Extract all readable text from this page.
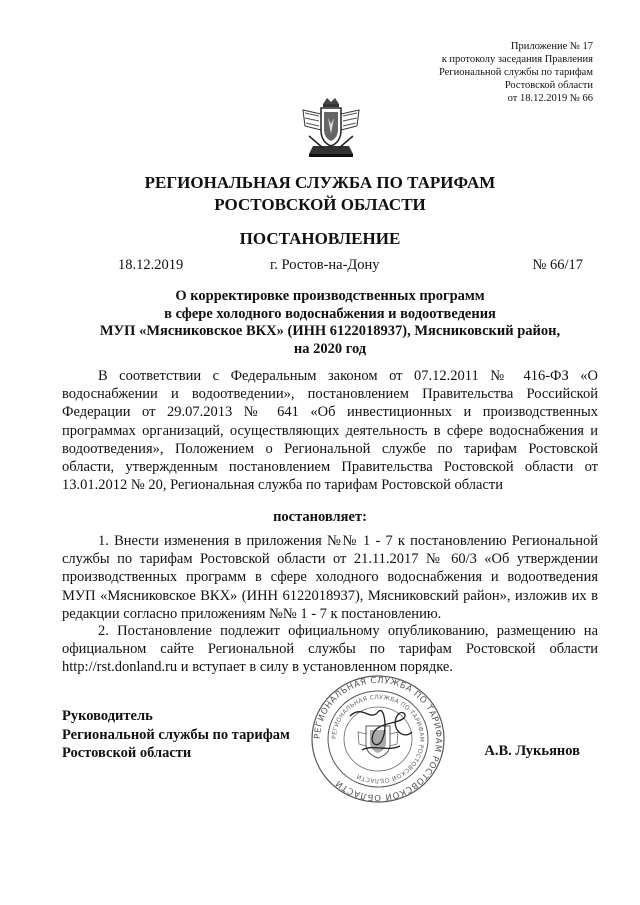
Приложение № 17
к протоколу заседания Правления
Региональной службы по тарифам
Ростовской области
от 18.12.2019 № 66
РЕГИОНАЛЬНАЯ СЛУЖБА ПО ТАРИФАМ
РОСТОВСКОЙ ОБЛАСТИ
ПОСТАНОВЛЕНИЕ
18.12.2019	г. Ростов-на-Дону	№ 66/17
О корректировке производственных программ
в сфере холодного водоснабжения и водоотведения
МУП «Мясниковское ВКХ» (ИНН 6122018937), Мясниковский район,
на 2020 год

В соответствии с Федеральным законом от 07.12.2011 № 416-ФЗ «О водоснабжении и водоотведении», постановлением Правительства Российской Федерации от 29.07.2013 № 641 «Об инвестиционных и производственных программах организаций, осуществляющих деятельность в сфере водоснабжения и водоотведения», Положением о Региональной службе по тарифам Ростовской области, утвержденным постановлением Правительства Ростовской области от 13.01.2012 № 20, Региональная служба по тарифам Ростовской области

постановляет:

1. Внести изменения в приложения №№ 1 - 7 к постановлению Региональной службы по тарифам Ростовской области от 21.11.2017 № 60/3 «Об утверждении производственных программ в сфере холодного водоснабжения и водоотведения МУП «Мясниковское ВКХ» (ИНН 6122018937), Мясниковский район», изложив их в редакции согласно приложениям №№ 1 - 7 к постановлению.

2. Постановление подлежит официальному опубликованию, размещению на официальном сайте Региональной службы по тарифам Ростовской области http://rst.donland.ru и вступает в силу в установленном порядке.

Руководитель
Региональной службы по тарифам
Ростовской области
РЕГИОНАЛЬНАЯ СЛУЖБА ПО ТАРИФАМ РОСТОВСКОЙ ОБЛАСТИ
РЕГИОНАЛЬНАЯ СЛУЖБА ПО ТАРИФАМ РОСТОВСКОЙ ОБЛАСТИ
А.В. Лукьянов
